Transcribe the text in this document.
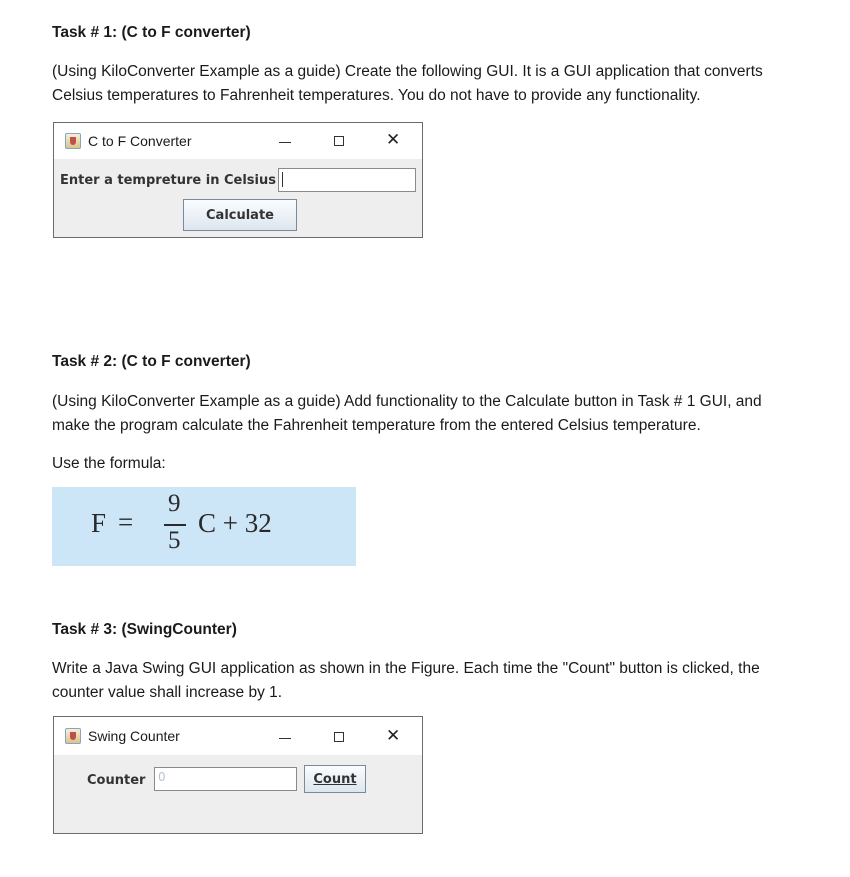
Task # 1: (C to F converter)
(Using KiloConverter Example as a guide) Create the following GUI. It is a GUI application that converts
Celsius temperatures to Fahrenheit temperatures. You do not have to provide any functionality.
C to F Converter	✕
Enter a tempreture in Celsius
Calculate
Task # 2: (C to F converter)
(Using KiloConverter Example as a guide) Add functionality to the Calculate button in Task # 1 GUI, and
make the program calculate the Fahrenheit temperature from the entered Celsius temperature.
Use the formula:
F =
9
5
C + 32
Task # 3: (SwingCounter)
Write a Java Swing GUI application as shown in the Figure. Each time the "Count" button is clicked, the
counter value shall increase by 1.
Swing Counter	✕
Counter	0	Count
